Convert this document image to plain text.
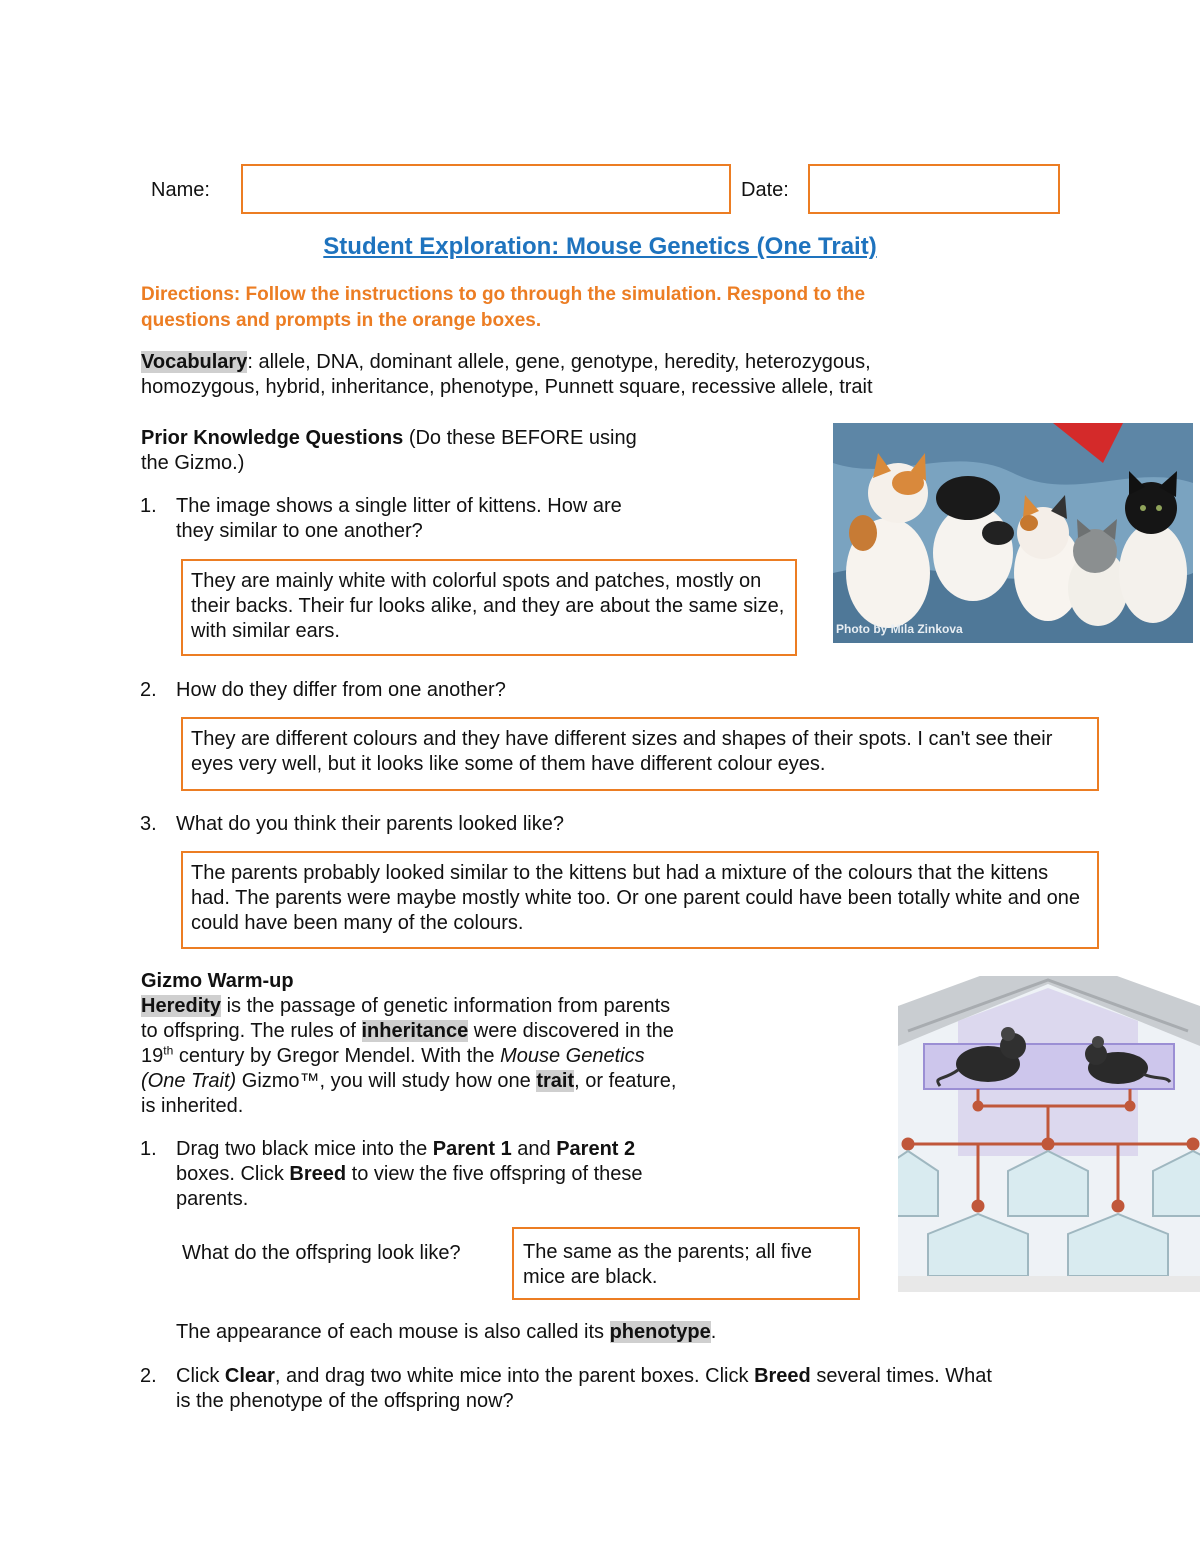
Name:	Date:
Student Exploration: Mouse Genetics (One Trait)
Directions: Follow the instructions to go through the simulation. Respond to the
questions and prompts in the orange boxes.
Vocabulary: allele, DNA, dominant allele, gene, genotype, heredity, heterozygous,
homozygous, hybrid, inheritance, phenotype, Punnett square, recessive allele, trait
Prior Knowledge Questions (Do these BEFORE using
the Gizmo.)
Photo by Mila Zinkova
1. The image shows a single litter of kittens. How are
they similar to one another?
They are mainly white with colorful spots and patches, mostly on their backs. Their fur looks alike, and they are about the same size, with similar ears.
2. How do they differ from one another?
They are different colours and they have different sizes and shapes of their spots. I can't see their eyes very well, but it looks like some of them have different colour eyes.
3. What do you think their parents looked like?
The parents probably looked similar to the kittens but had a mixture of the colours that the kittens had. The parents were maybe mostly white too. Or one parent could have been totally white and one could have been many of the colours.
Gizmo Warm-up
Heredity is the passage of genetic information from parents
to offspring. The rules of inheritance were discovered in the
19th century by Gregor Mendel. With the Mouse Genetics
(One Trait) Gizmo™, you will study how one trait, or feature,
is inherited.
1. Drag two black mice into the Parent 1 and Parent 2
boxes. Click Breed to view the five offspring of these
parents.
What do the offspring look like?	The same as the parents; all five mice are black.
The appearance of each mouse is also called its phenotype.
2. Click Clear, and drag two white mice into the parent boxes. Click Breed several times. What
is the phenotype of the offspring now?
